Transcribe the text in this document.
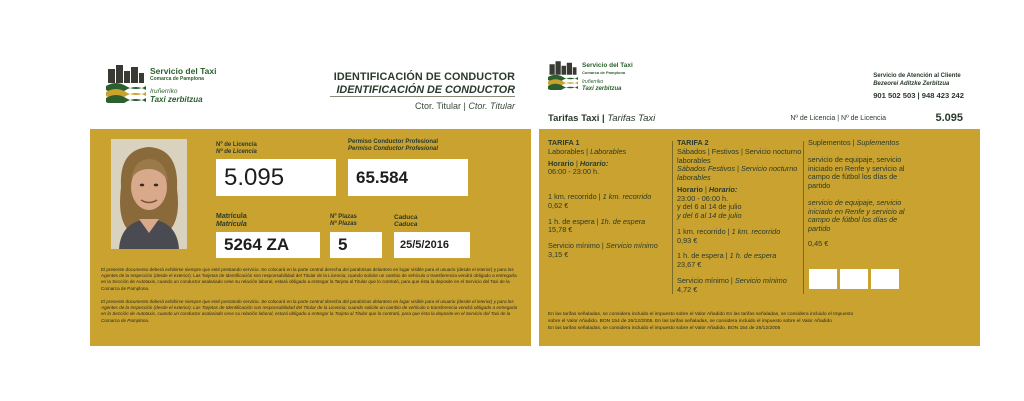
Servicio del Taxi
Comarca de Pamplona
Iruñerriko
Taxi zerbitzua
IDENTIFICACIÓN DE CONDUCTOR
IDENTIFICACIÓN DE CONDUCTOR
Ctor. Titular | Ctor. Titular
Nº de Licencia
Nº de Licencia
5.095
Permiso Conductor Profesional
Permiso Conductor Profesional
65.584
Matrícula
Matrícula
5264 ZA
Nº Plazas
Nº Plazas
5
Caduca
Caduca
25/5/2016
El presente documento deberá exhibirse siempre que esté prestando servicio. Se colocará en la parte central derecha del parabrisas delantero en lugar visible para el usuario (desde el interior) y para los Agentes de la Inspección (desde el exterior). Las Tarjetas de Identificación son responsabilidad del Titular de la Licencia; cuando solicite un cambio de vehículo o transferencia vendrá obligado a entregarla en la Sección de Autotaxis, cuando un conductor asalariado cese su relación laboral, estará obligado a entregar la Tarjeta al Titular que lo contrató, para que ésta la deposite en el Servicio del Taxi de la Comarca de Pamplona.
El presente documento deberá exhibirse siempre que esté prestando servicio. Se colocará en la parte central derecha del parabrisas delantero en lugar visible para el usuario (desde el interior) y para los Agentes de la Inspección (desde el exterior). Las Tarjetas de Identificación son responsabilidad del Titular de la Licencia; cuando solicite un cambio de vehículo o transferencia vendrá obligado a entregarla en la Sección de Autotaxis, cuando un conductor asalariado cese su relación laboral, estará obligado a entregar la Tarjeta al Titular que lo contrató, para que ésta la deposite en el Servicio del Taxi de la Comarca de Pamplona.
Servicio del Taxi
Comarca de Pamplona
Iruñerriko
Taxi zerbitzua
Servicio de Atención al Cliente
Bezeorei Aditzke Zerbitzua
901 502 503 | 948 423 242
Tarifas Taxi | Tarifas Taxi	Nº de Licencia | Nº de Licencia	5.095
TARIFA 1
Laborables | Laborables
Horario | Horario:
06:00 - 23:00 h.
1 km. recorrido | 1 km. recorrido
0,62 €
1 h. de espera | 1h. de espera
15,78 €
Servicio mínimo | Servicio mínimo
3,15 €
TARIFA 2
Sábados | Festivos | Servicio nocturno laborables
Sábados Festivos | Servicio nocturno laborables
Horario | Horario:
23:00 - 06:00 h.
y del 6 al 14 de julio
y del 6 al 14 de julio
1 km. recorrido | 1 km. recorrido
0,93 €
1 h. de espera | 1 h. de espera
23,67 €
Servicio mínimo | Servicio mínimo
4,72 €
Suplementos | Suplementos
servicio de equipaje, servicio iniciado en Renfe y servicio al campo de fútbol los días de partido
servicio de equipaje, servicio iniciado en Renfe y servicio al campo de fútbol los días de partido
0,45 €
En las tarifas señaladas, se considera incluido el impuesto sobre el Valor Añadido En las tarifas señaladas, se considera incluido el Impuesto
sobre el Valor Añadido. BON 154 de 26/12/2005. En las tarifas señaladas, se considera incluido el impuesto sobre el Valor Añadido
En las tarifas señaladas, se considera incluido el impuesto sobre el Valor Añadido. BON 154 de 26/12/2005
